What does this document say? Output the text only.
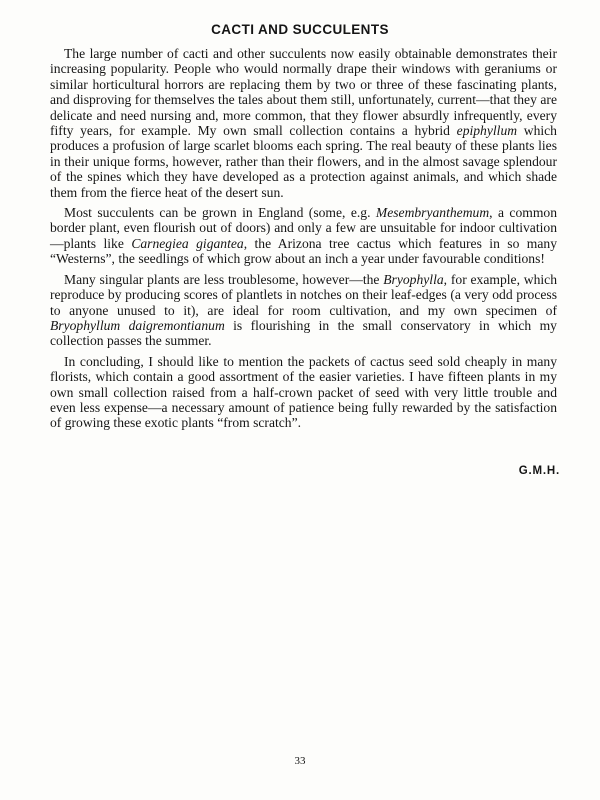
CACTI AND SUCCULENTS

The large number of cacti and other succulents now easily obtainable demonstrates their increasing popularity. People who would normally drape their windows with geraniums or similar horticultural horrors are replacing them by two or three of these fascinating plants, and disproving for themselves the tales about them still, unfortunately, current—that they are delicate and need nursing and, more common, that they flower absurdly infrequently, every fifty years, for example. My own small collection contains a hybrid epiphyllum which produces a profusion of large scarlet blooms each spring. The real beauty of these plants lies in their unique forms, however, rather than their flowers, and in the almost savage splendour of the spines which they have developed as a protection against animals, and which shade them from the fierce heat of the desert sun.

Most succulents can be grown in England (some, e.g. Mesembryanthemum, a common border plant, even flourish out of doors) and only a few are unsuitable for indoor cultivation—plants like Carnegiea gigantea, the Arizona tree cactus which features in so many “Westerns”, the seedlings of which grow about an inch a year under favourable conditions!

Many singular plants are less troublesome, however—the Bryophylla, for example, which reproduce by producing scores of plantlets in notches on their leaf-edges (a very odd process to anyone unused to it), are ideal for room cultivation, and my own specimen of Bryophyllum daigremontianum is flourishing in the small conservatory in which my collection passes the summer.

In concluding, I should like to mention the packets of cactus seed sold cheaply in many florists, which contain a good assortment of the easier varieties. I have fifteen plants in my own small collection raised from a half-crown packet of seed with very little trouble and even less expense—a necessary amount of patience being fully rewarded by the satisfaction of growing these exotic plants “from scratch”.

G.M.H.
33
